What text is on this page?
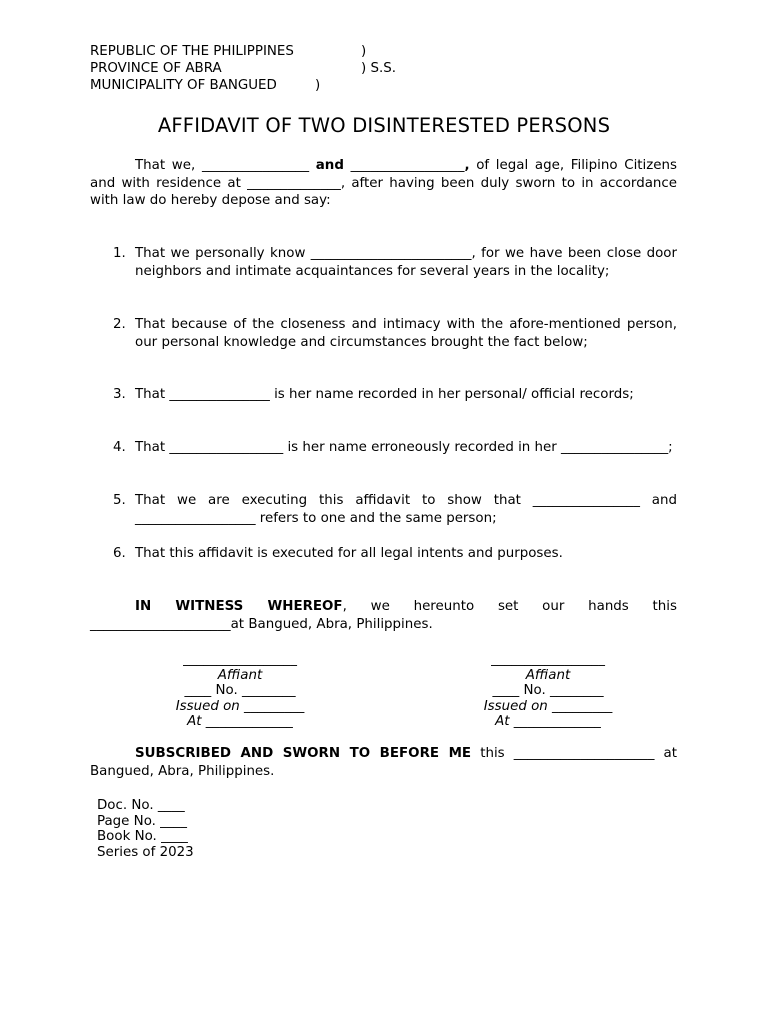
REPUBLIC OF THE PHILIPPINES	)
PROVINCE OF ABRA	) S.S.
MUNICIPALITY OF BANGUED	)
AFFIDAVIT OF TWO DISINTERESTED PERSONS
That we, ________________ and _________________, of legal age, Filipino Citizens and with residence at ______________, after having been duly sworn to in accordance with law do hereby depose and say:
1. That we personally know ________________________, for we have been close door neighbors and intimate acquaintances for several years in the locality;
2. That because of the closeness and intimacy with the afore-mentioned person, our personal knowledge and circumstances brought the fact below;
3. That _______________ is her name recorded in her personal/ official records;
4. That _________________ is her name erroneously recorded in her ________________;
5. That we are executing this affidavit to show that ________________ and __________________ refers to one and the same person;
6. That this affidavit is executed for all legal intents and purposes.
IN WITNESS WHEREOF, we hereunto set our hands this _____________________at Bangued, Abra, Philippines.
_________________
Affiant
____ No. ________
Issued on _________
At _____________
_________________
Affiant
____ No. ________
Issued on _________
At _____________
SUBSCRIBED AND SWORN TO BEFORE ME this _____________________ at Bangued, Abra, Philippines.
Doc. No. ____
Page No. ____
Book No. ____
Series of 2023
